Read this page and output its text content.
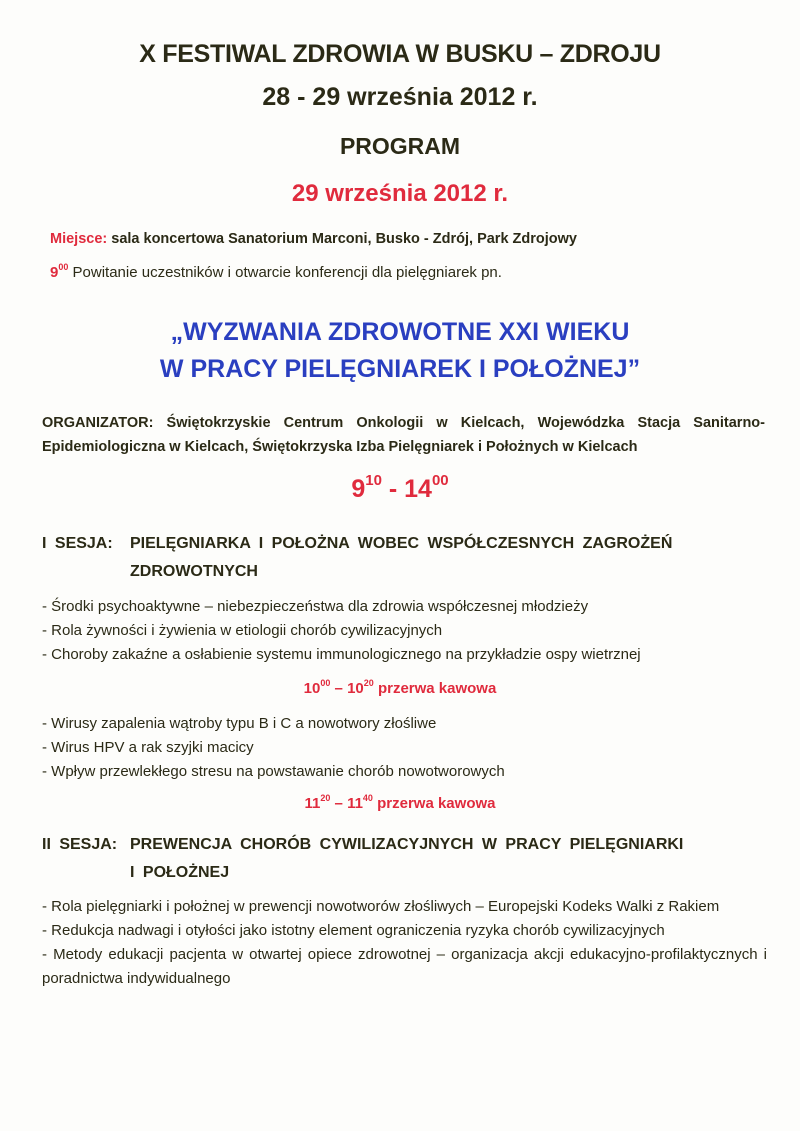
X FESTIWAL ZDROWIA W BUSKU – ZDROJU
28 - 29 września 2012 r.
PROGRAM
29 września 2012 r.
Miejsce: sala koncertowa Sanatorium Marconi, Busko - Zdrój, Park Zdrojowy
$9^{00}$ Powitanie uczestników i otwarcie konferencji dla pielęgniarek pn.
„WYZWANIA ZDROWOTNE XXI WIEKU
W PRACY PIELĘGNIAREK I POŁOŻNEJ”
ORGANIZATOR: Świętokrzyskie Centrum Onkologii w Kielcach, Wojewódzka Stacja Sanitarno-Epidemiologiczna w Kielcach, Świętokrzyska Izba Pielęgniarek i Położnych w Kielcach
$9^{10} - 14^{00}$
I SESJA: PIELĘGNIARKA I POŁOŻNA WOBEC WSPÓŁCZESNYCH ZAGROŻEŃ
ZDROWOTNYCH
- Środki psychoaktywne – niebezpieczeństwa dla zdrowia współczesnej młodzieży
- Rola żywności i żywienia w etiologii chorób cywilizacyjnych
- Choroby zakaźne a osłabienie systemu immunologicznego na przykładzie ospy wietrznej
$10^{00} - 10^{20}$ przerwa kawowa
- Wirusy zapalenia wątroby typu B i C a nowotwory złośliwe
- Wirus HPV a rak szyjki macicy
- Wpływ przewlekłego stresu na powstawanie chorób nowotworowych
$11^{20} - 11^{40}$ przerwa kawowa
II SESJA: PREWENCJA CHORÓB CYWILIZACYJNYCH W PRACY PIELĘGNIARKI
I POŁOŻNEJ
- Rola pielęgniarki i położnej w prewencji nowotworów złośliwych – Europejski Kodeks Walki z Rakiem
- Redukcja nadwagi i otyłości jako istotny element ograniczenia ryzyka chorób cywilizacyjnych
- Metody edukacji pacjenta w otwartej opiece zdrowotnej – organizacja akcji edukacyjno-profilaktycznych i poradnictwa indywidualnego
